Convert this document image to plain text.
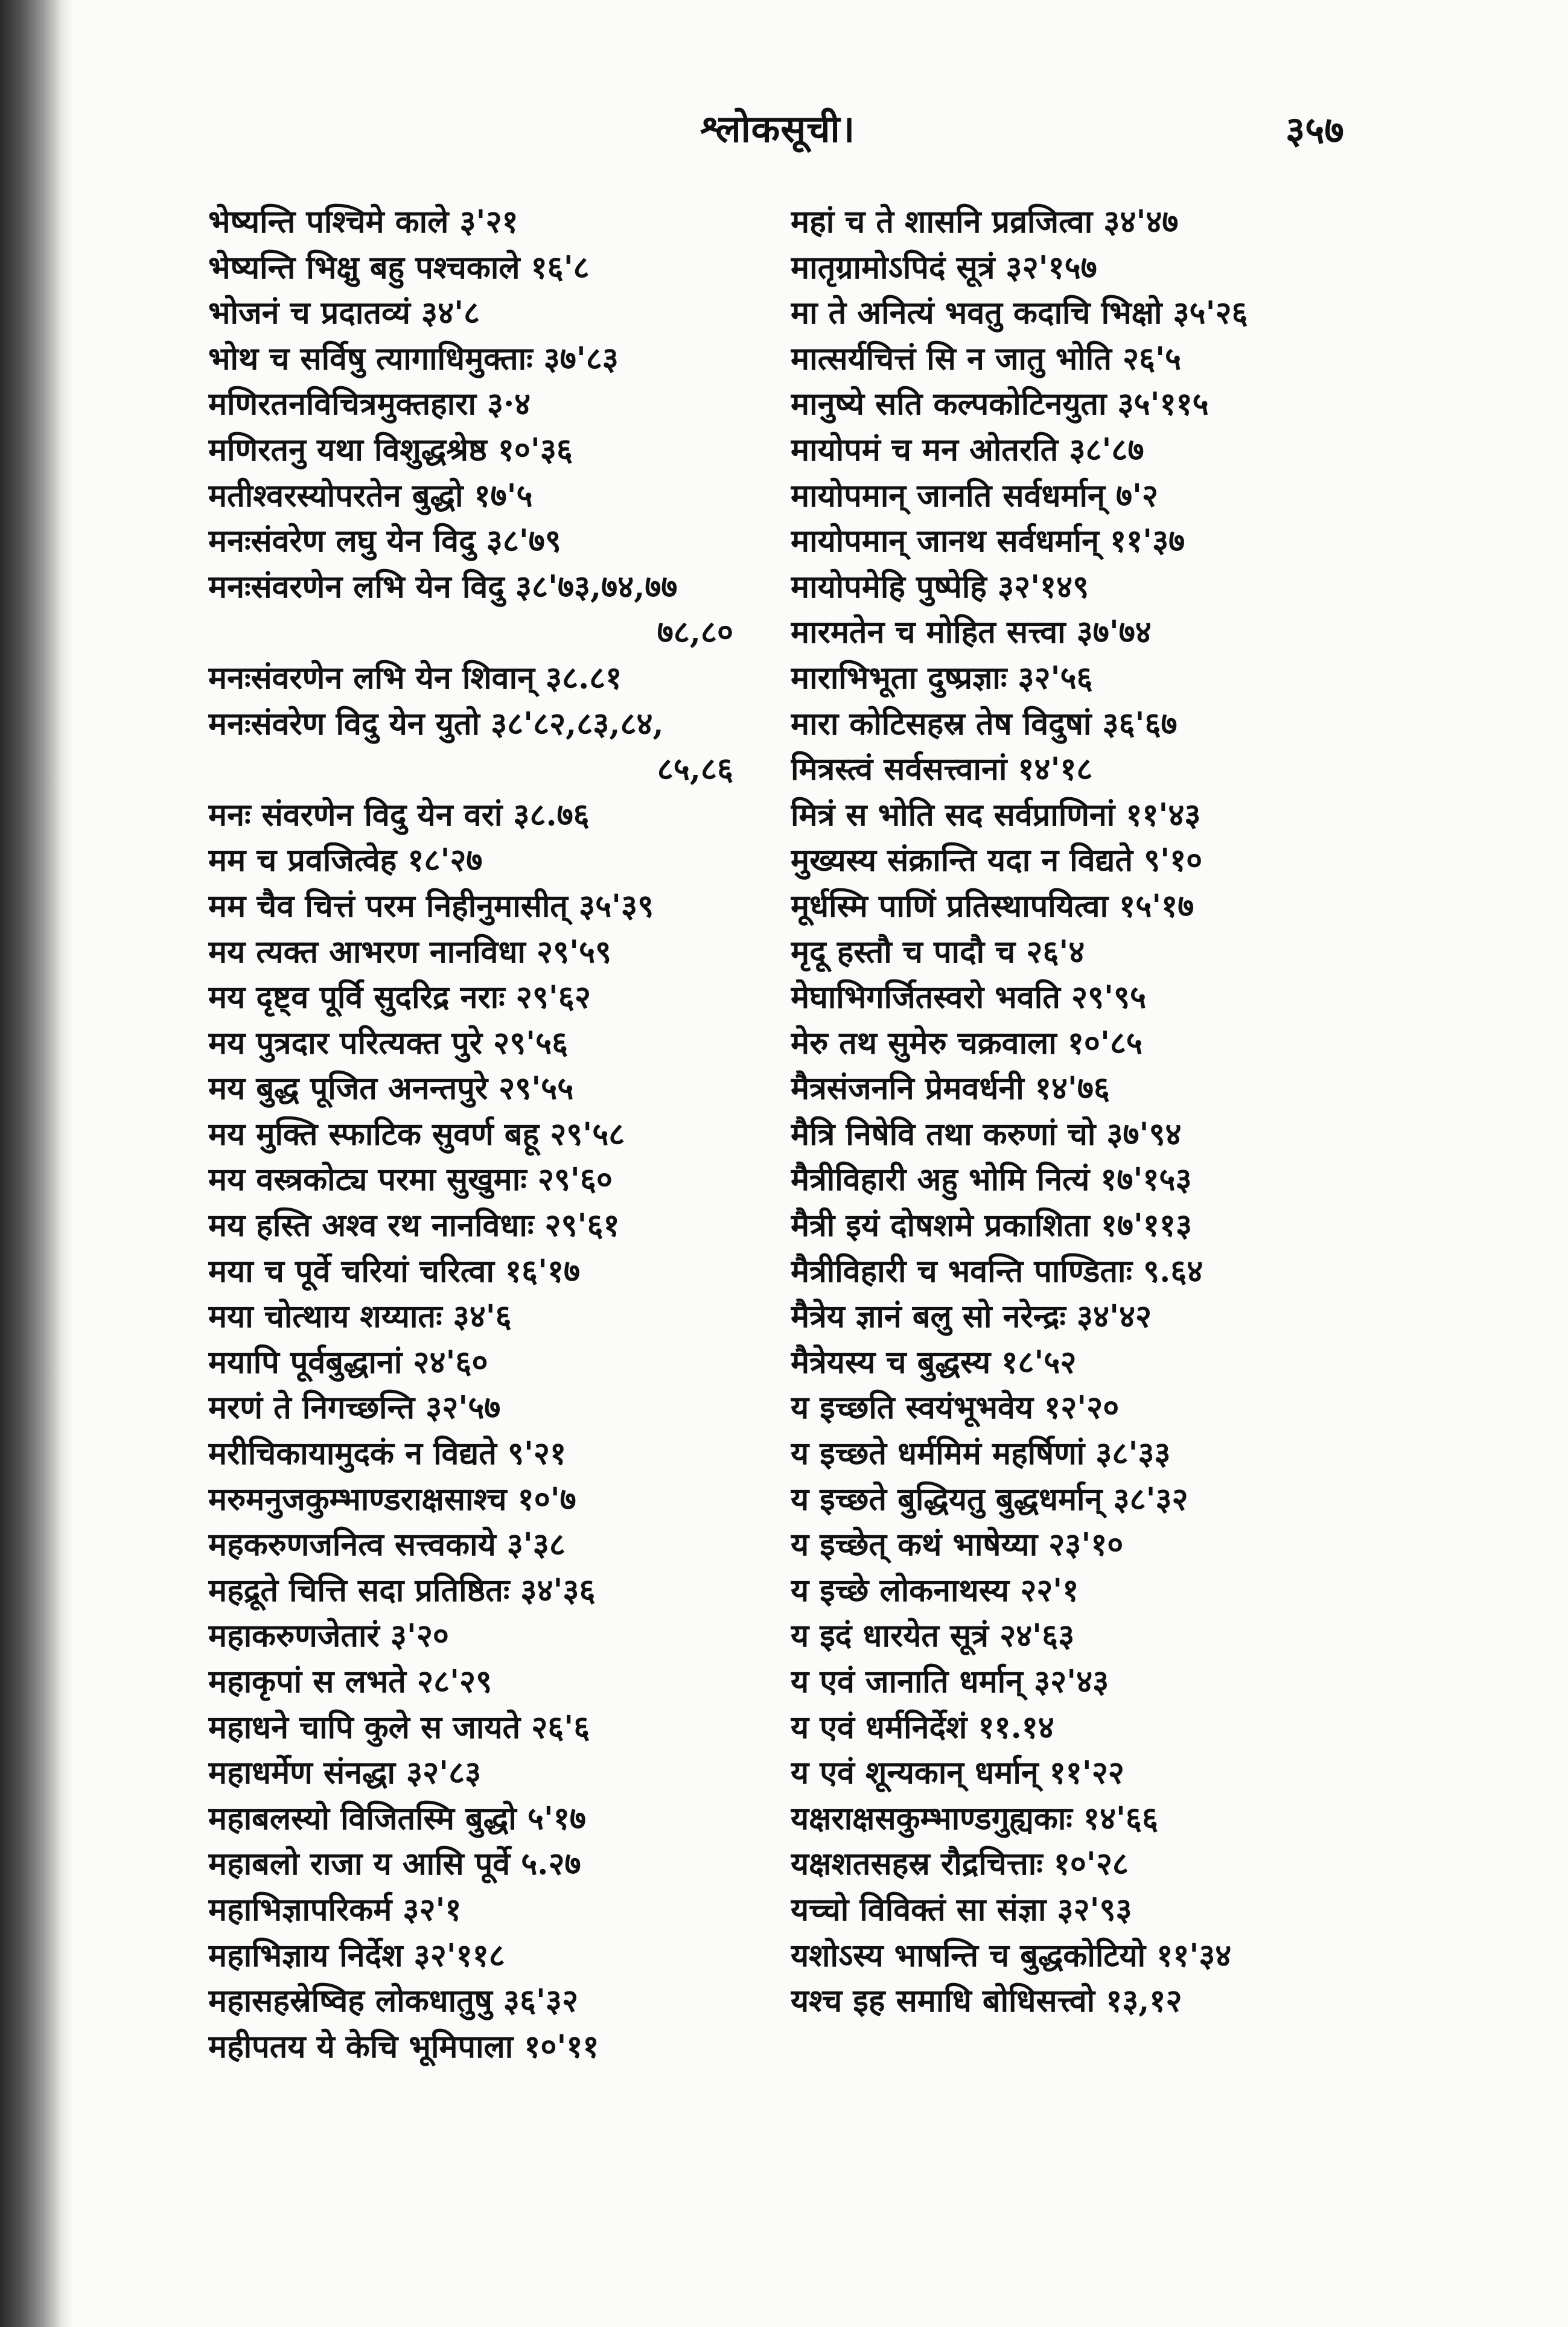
श्लोकसूची।	३५७
भेष्यन्ति पश्चिमे काले ३'२१
भेष्यन्ति भिक्षु बहु पश्चकाले १६'८
भोजनं च प्रदातव्यं ३४'८
भोथ च सर्विषु त्यागाधिमुक्ताः ३७'८३
मणिरतनविचित्रमुक्तहारा ३·४
मणिरतनु यथा विशुद्धश्रेष्ठ १०'३६
मतीश्वरस्योपरतेन बुद्धो १७'५
मनःसंवरेण लघु येन विदु ३८'७९
मनःसंवरणेन लभि येन विदु ३८'७३,७४,७७
७८,८०
मनःसंवरणेन लभि येन शिवान् ३८.८१
मनःसंवरेण विदु येन युतो ३८'८२,८३,८४,
८५,८६
मनः संवरणेन विदु येन वरां ३८.७६
मम च प्रवजित्वेह १८'२७
मम चैव चित्तं परम निहीनुमासीत् ३५'३९
मय त्यक्त आभरण नानविधा २९'५९
मय दृष्ट्व पूर्वि सुदरिद्र नराः २९'६२
मय पुत्रदार परित्यक्त पुरे २९'५६
मय बुद्ध पूजित अनन्तपुरे २९'५५
मय मुक्ति स्फाटिक सुवर्ण बहू २९'५८
मय वस्त्रकोट्य परमा सुखुमाः २९'६०
मय हस्ति अश्व रथ नानविधाः २९'६१
मया च पूर्वे चरियां चरित्वा १६'१७
मया चोत्थाय शय्यातः ३४'६
मयापि पूर्वबुद्धानां २४'६०
मरणं ते निगच्छन्ति ३२'५७
मरीचिकायामुदकं न विद्यते ९'२१
मरुमनुजकुम्भाण्डराक्षसाश्च १०'७
महकरुणजनित्व सत्त्वकाये ३'३८
महद्रूते चित्ति सदा प्रतिष्ठितः ३४'३६
महाकरुणजेतारं ३'२०
महाकृपां स लभते २८'२९
महाधने चापि कुले स जायते २६'६
महाधर्मेण संनद्धा ३२'८३
महाबलस्यो विजितस्मि बुद्धो ५'१७
महाबलो राजा य आसि पूर्वे ५.२७
महाभिज्ञापरिकर्म ३२'१
महाभिज्ञाय निर्देश ३२'११८
महासहस्रेष्विह लोकधातुषु ३६'३२
महीपतय ये केचि भूमिपाला १०'११
महां च ते शासनि प्रव्रजित्वा ३४'४७
मातृग्रामोऽपिदं सूत्रं ३२'१५७
मा ते अनित्यं भवतु कदाचि भिक्षो ३५'२६
मात्सर्यचित्तं सि न जातु भोति २६'५
मानुष्ये सति कल्पकोटिनयुता ३५'११५
मायोपमं च मन ओतरति ३८'८७
मायोपमान् जानति सर्वधर्मान् ७'२
मायोपमान् जानथ सर्वधर्मान् ११'३७
मायोपमेहि पुष्पेहि ३२'१४९
मारमतेन च मोहित सत्त्वा ३७'७४
माराभिभूता दुष्प्रज्ञाः ३२'५६
मारा कोटिसहस्र तेष विदुषां ३६'६७
मित्रस्त्वं सर्वसत्त्वानां १४'१८
मित्रं स भोति सद सर्वप्राणिनां ११'४३
मुख्यस्य संक्रान्ति यदा न विद्यते ९'१०
मूर्धस्मि पाणिं प्रतिस्थापयित्वा १५'१७
मृदू हस्तौ च पादौ च २६'४
मेघाभिगर्जितस्वरो भवति २९'९५
मेरु तथ सुमेरु चक्रवाला १०'८५
मैत्रसंजननि प्रेमवर्धनी १४'७६
मैत्रि निषेवि तथा करुणां चो ३७'९४
मैत्रीविहारी अहु भोमि नित्यं १७'१५३
मैत्री इयं दोषशमे प्रकाशिता १७'११३
मैत्रीविहारी च भवन्ति पाण्डिताः ९.६४
मैत्रेय ज्ञानं बलु सो नरेन्द्रः ३४'४२
मैत्रेयस्य च बुद्धस्य १८'५२
य इच्छति स्वयंभूभवेय १२'२०
य इच्छते धर्ममिमं महर्षिणां ३८'३३
य इच्छते बुद्धियतु बुद्धधर्मान् ३८'३२
य इच्छेत् कथं भाषेय्या २३'१०
य इच्छे लोकनाथस्य २२'१
य इदं धारयेत सूत्रं २४'६३
य एवं जानाति धर्मान् ३२'४३
य एवं धर्मनिर्देशं ११.१४
य एवं शून्यकान् धर्मान् ११'२२
यक्षराक्षसकुम्भाण्डगुह्यकाः १४'६६
यक्षशतसहस्र रौद्रचित्ताः १०'२८
यच्चो विविक्तं सा संज्ञा ३२'९३
यशोऽस्य भाषन्ति च बुद्धकोटियो ११'३४
यश्च इह समाधि बोधिसत्त्वो १३,१२
